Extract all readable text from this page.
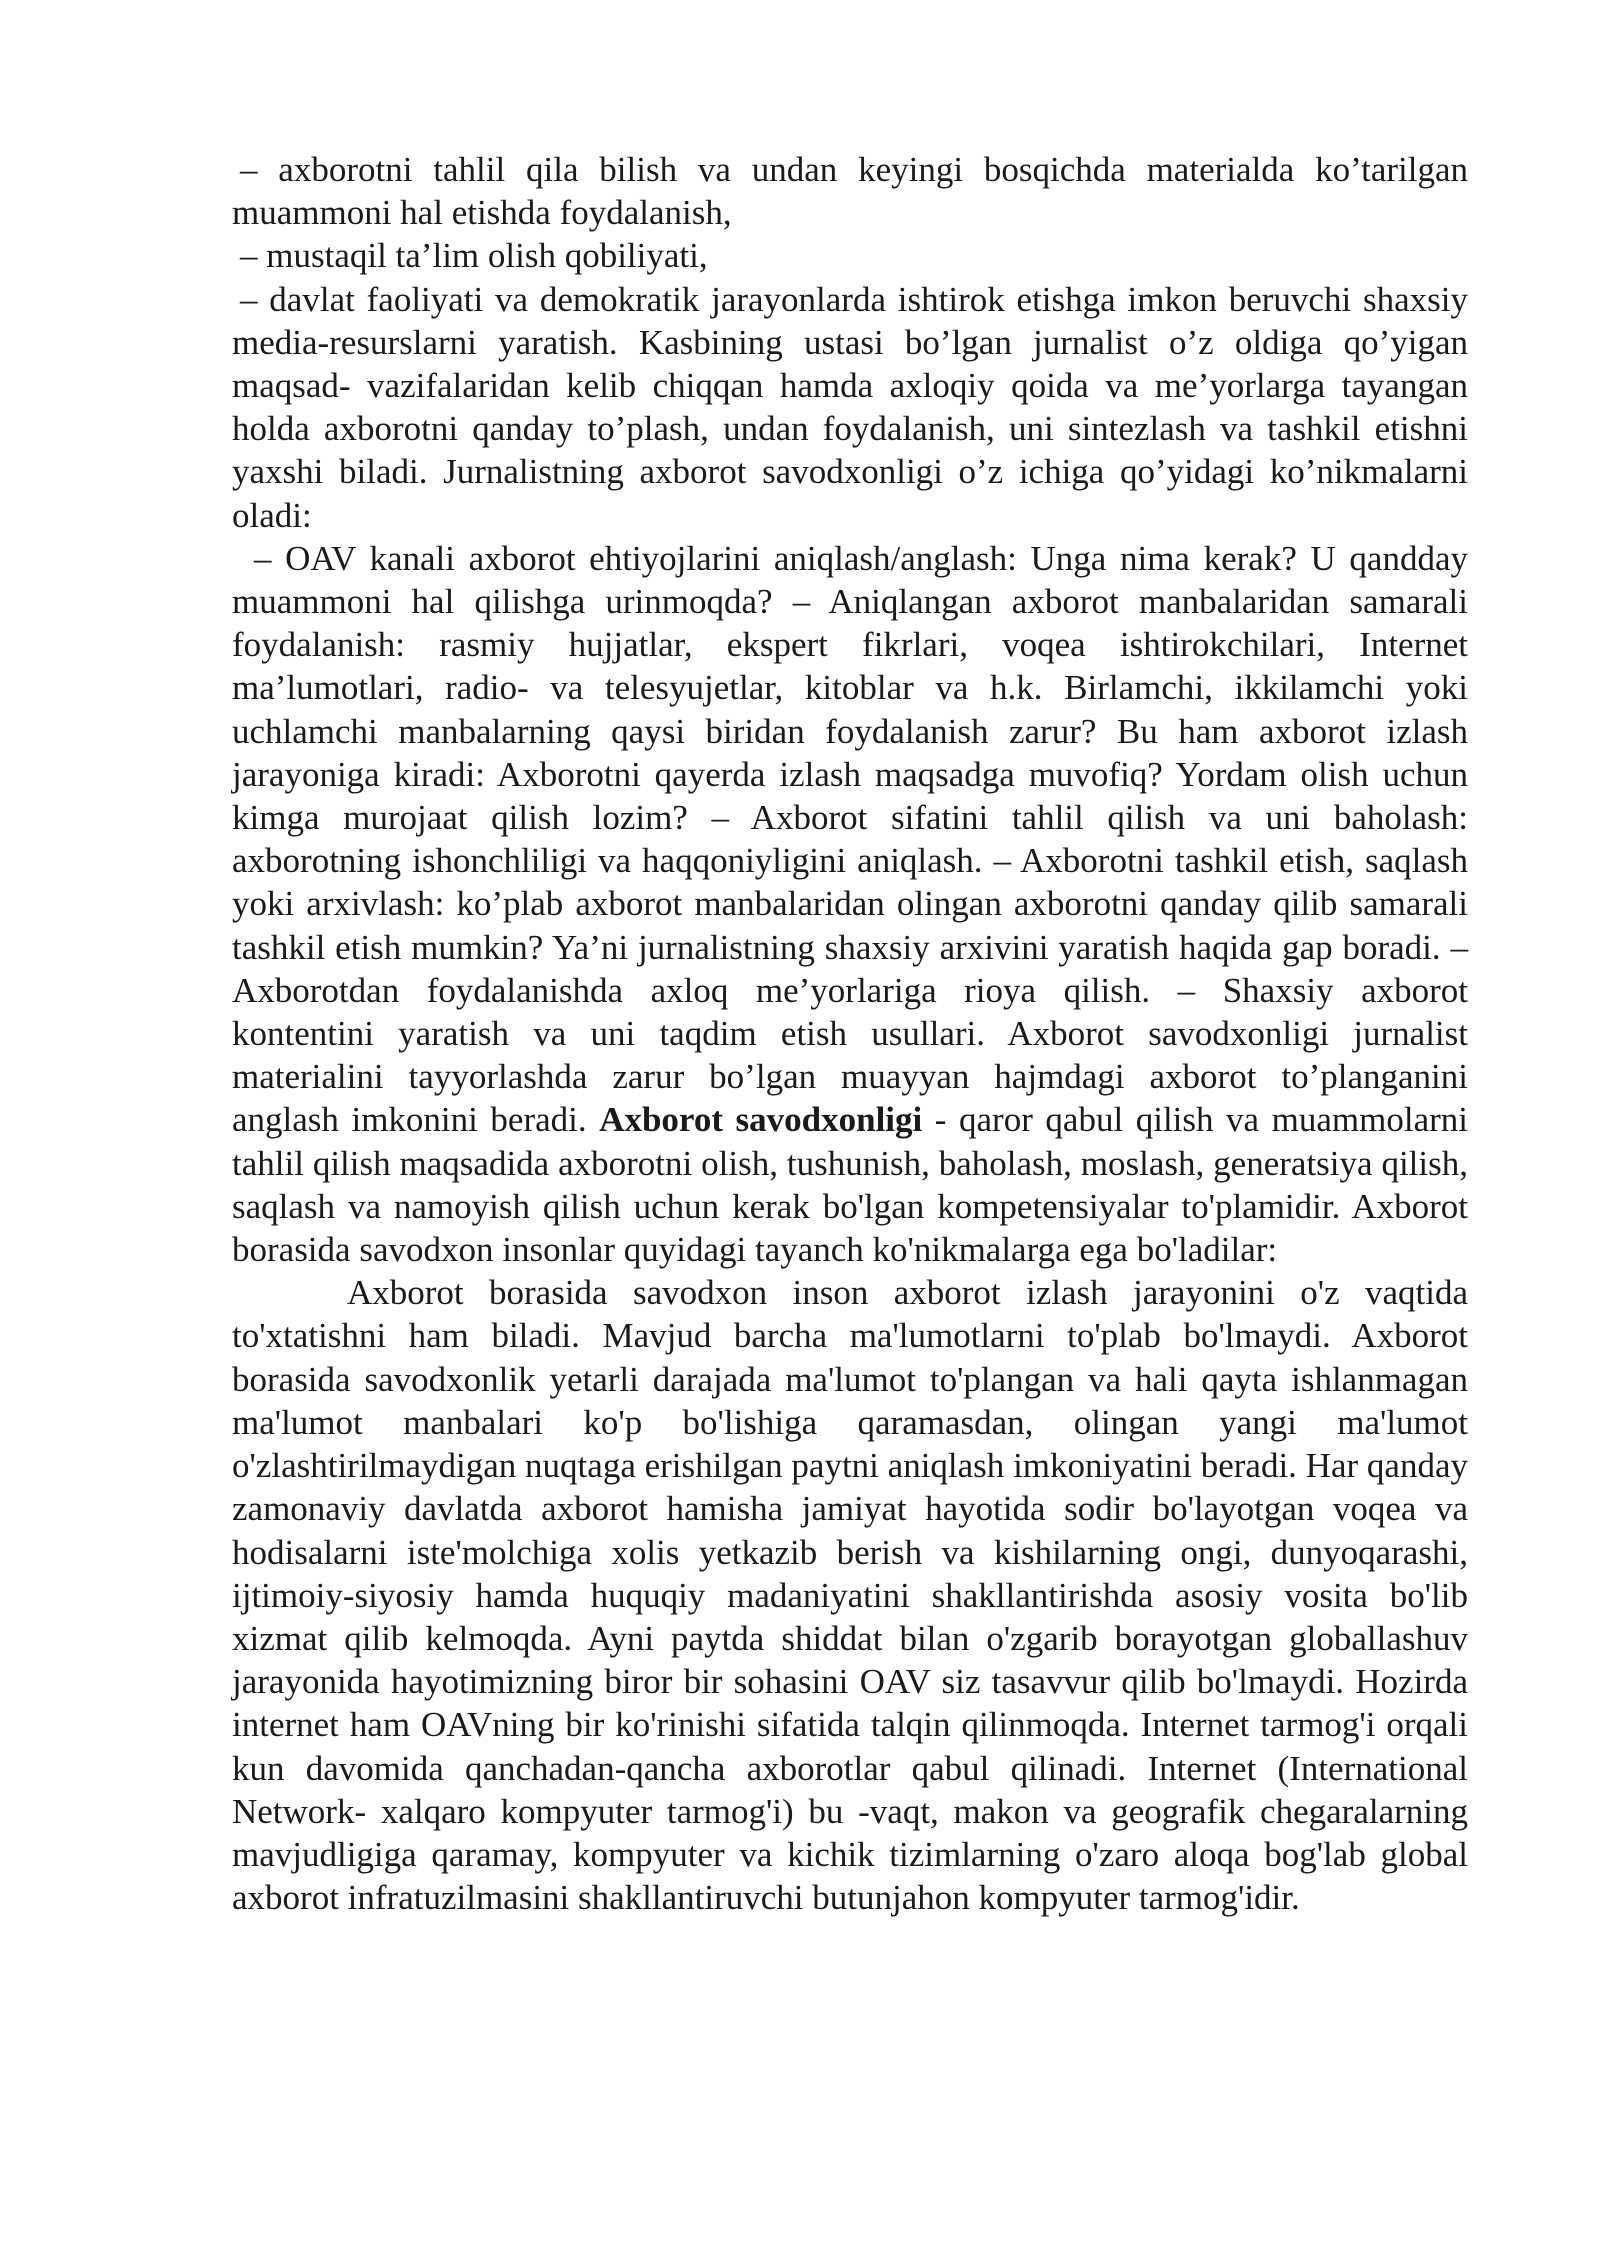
– axborotni tahlil qila bilish va undan keyingi bosqichda materialda ko’tarilgan muammoni hal etishda foydalanish,

– mustaqil ta’lim olish qobiliyati,

– davlat faoliyati va demokratik jarayonlarda ishtirok etishga imkon beruvchi shaxsiy media-resurslarni yaratish. Kasbining ustasi bo’lgan jurnalist o’z oldiga qo’yigan maqsad- vazifalaridan kelib chiqqan hamda axloqiy qoida va me’yorlarga tayangan holda axborotni qanday to’plash, undan foydalanish, uni sintezlash va tashkil etishni yaxshi biladi. Jurnalistning axborot savodxonligi o’z ichiga qo’yidagi ko’nikmalarni oladi:

– OAV kanali axborot ehtiyojlarini aniqlash/anglash: Unga nima kerak? U qandday muammoni hal qilishga urinmoqda? – Aniqlangan axborot manbalaridan samarali foydalanish: rasmiy hujjatlar, ekspert fikrlari, voqea ishtirokchilari, Internet ma’lumotlari, radio- va telesyujetlar, kitoblar va h.k. Birlamchi, ikkilamchi yoki uchlamchi manbalarning qaysi biridan foydalanish zarur? Bu ham axborot izlash jarayoniga kiradi: Axborotni qayerda izlash maqsadga muvofiq? Yordam olish uchun kimga murojaat qilish lozim? – Axborot sifatini tahlil qilish va uni baholash: axborotning ishonchliligi va haqqoniyligini aniqlash. – Axborotni tashkil etish, saqlash yoki arxivlash: ko’plab axborot manbalaridan olingan axborotni qanday qilib samarali tashkil etish mumkin? Ya’ni jurnalistning shaxsiy arxivini yaratish haqida gap boradi. – Axborotdan foydalanishda axloq me’yorlariga rioya qilish. – Shaxsiy axborot kontentini yaratish va uni taqdim etish usullari. Axborot savodxonligi jurnalist materialini tayyorlashda zarur bo’lgan muayyan hajmdagi axborot to’planganini anglash imkonini beradi. Axborot savodxonligi - qaror qabul qilish va muammolarni tahlil qilish maqsadida axborotni olish, tushunish, baholash, moslash, generatsiya qilish, saqlash va namoyish qilish uchun kerak bo'lgan kompetensiyalar to'plamidir. Axborot borasida savodxon insonlar quyidagi tayanch ko'nikmalarga ega bo'ladilar:

Axborot borasida savodxon inson axborot izlash jarayonini o'z vaqtida to'xtatishni ham biladi. Mavjud barcha ma'lumotlarni to'plab bo'lmaydi. Axborot borasida savodxonlik yetarli darajada ma'lumot to'plangan va hali qayta ishlanmagan ma'lumot manbalari ko'p bo'lishiga qaramasdan, olingan yangi ma'lumot o'zlashtirilmaydigan nuqtaga erishilgan paytni aniqlash imkoniyatini beradi. Har qanday zamonaviy davlatda axborot hamisha jamiyat hayotida sodir bo'layotgan voqea va hodisalarni iste'molchiga xolis yetkazib berish va kishilarning ongi, dunyoqarashi, ijtimoiy-siyosiy hamda huquqiy madaniyatini shakllantirishda asosiy vosita bo'lib xizmat qilib kelmoqda. Ayni paytda shiddat bilan o'zgarib borayotgan globallashuv jarayonida hayotimizning biror bir sohasini OAV siz tasavvur qilib bo'lmaydi. Hozirda internet ham OAVning bir ko'rinishi sifatida talqin qilinmoqda. Internet tarmog'i orqali kun davomida qanchadan-qancha axborotlar qabul qilinadi. Internet (International Network- xalqaro kompyuter tarmog'i) bu -vaqt, makon va geografik chegaralarning mavjudligiga qaramay, kompyuter va kichik tizimlarning o'zaro aloqa bog'lab global axborot infratuzilmasini shakllantiruvchi butunjahon kompyuter tarmog'idir.
